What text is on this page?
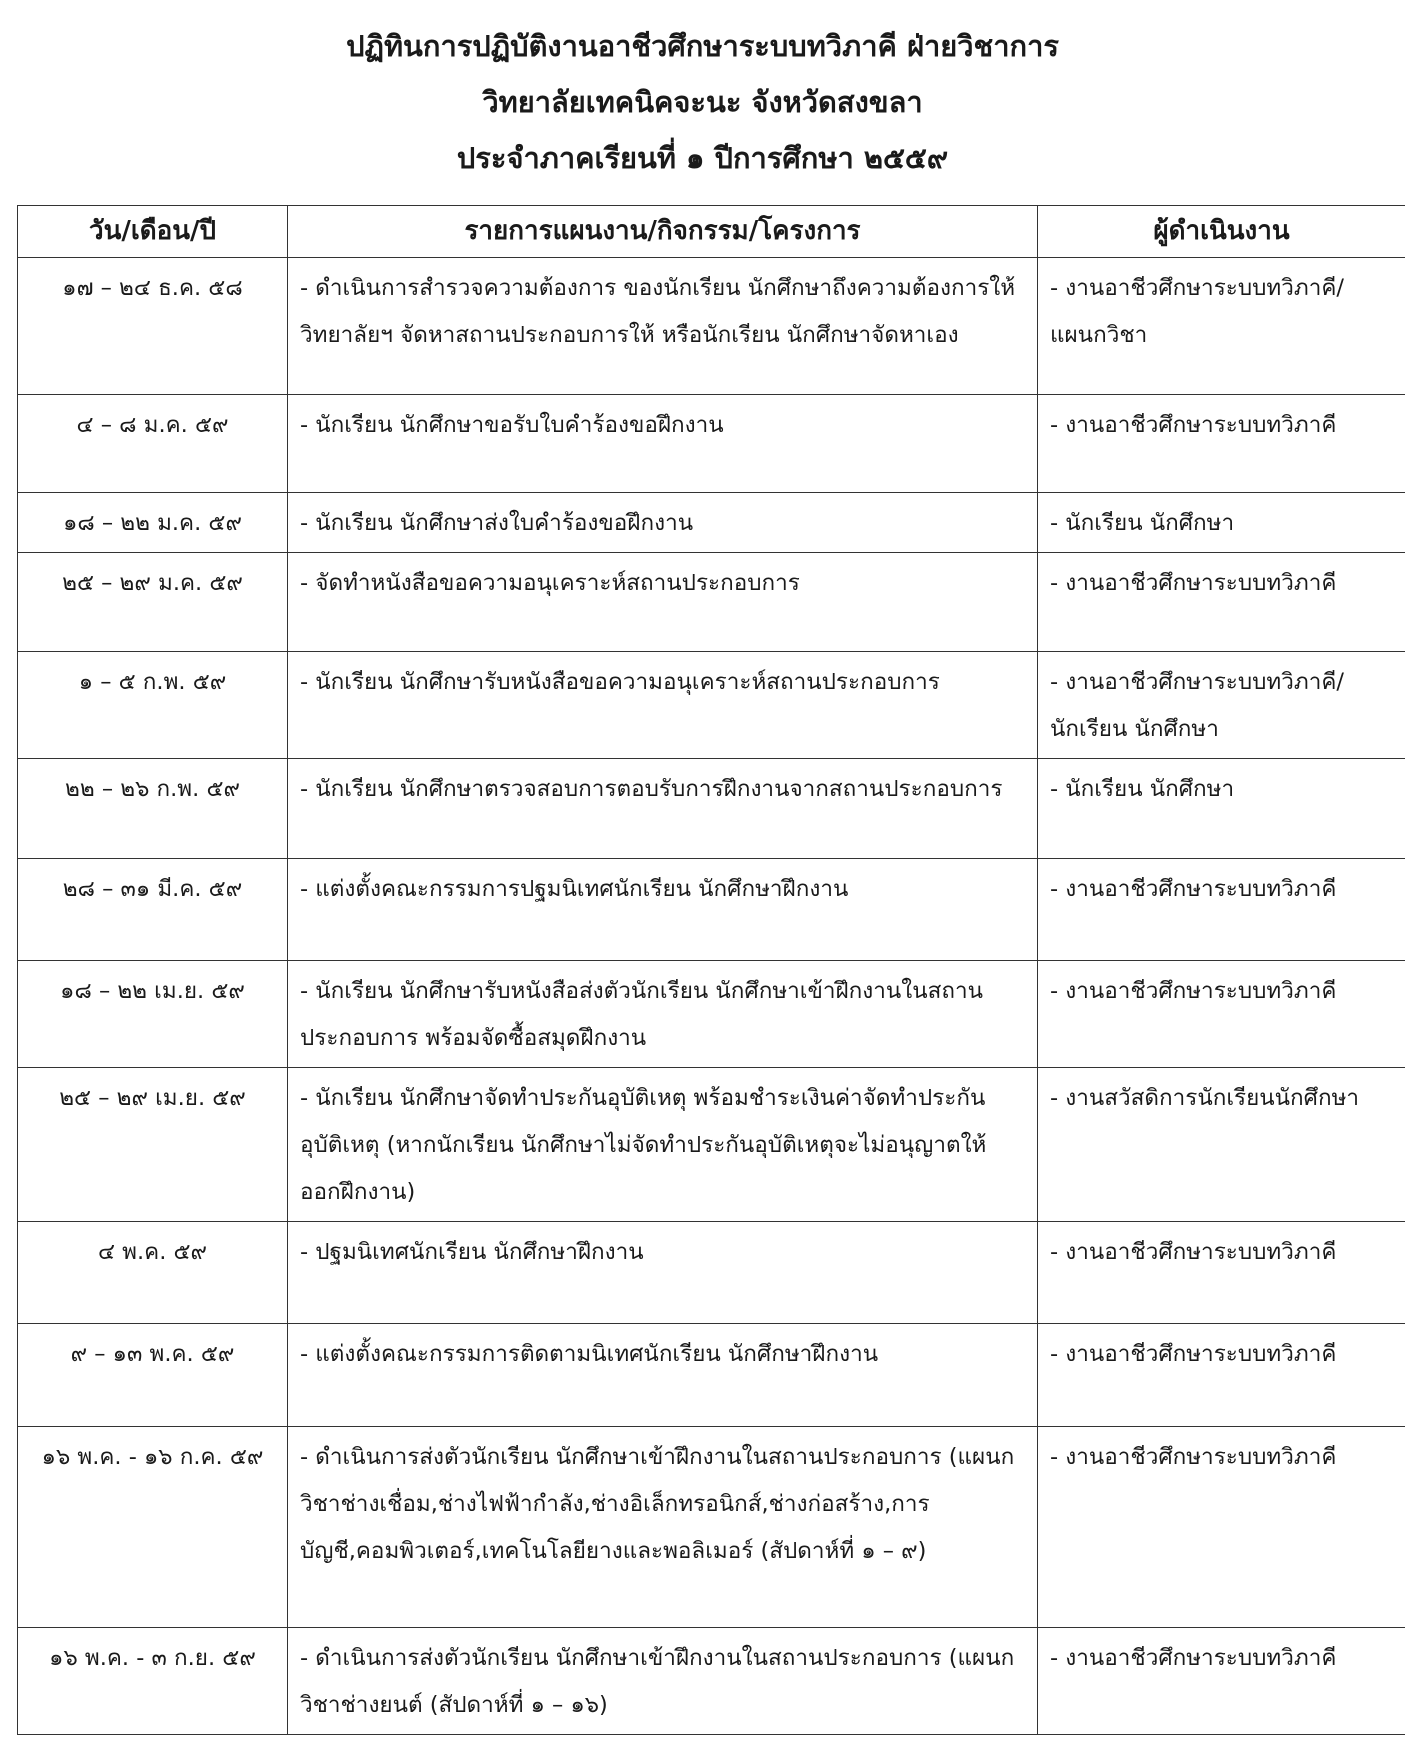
ปฏิทินการปฏิบัติงานอาชีวศึกษาระบบทวิภาคี ฝ่ายวิชาการ
วิทยาลัยเทคนิคจะนะ จังหวัดสงขลา
ประจำภาคเรียนที่ ๑ ปีการศึกษา ๒๕๕๙
วัน/เดือน/ปี	รายการแผนงาน/กิจกรรม/โครงการ	ผู้ดำเนินงาน
๑๗ – ๒๔ ธ.ค. ๕๘	- ดำเนินการสำรวจความต้องการ ของนักเรียน นักศึกษาถึงความต้องการให้วิทยาลัยฯ จัดหาสถานประกอบการให้ หรือนักเรียน นักศึกษาจัดหาเอง	- งานอาชีวศึกษาระบบทวิภาคี/แผนกวิชา
๔ – ๘ ม.ค. ๕๙	- นักเรียน นักศึกษาขอรับใบคำร้องขอฝึกงาน	- งานอาชีวศึกษาระบบทวิภาคี
๑๘ – ๒๒ ม.ค. ๕๙	- นักเรียน นักศึกษาส่งใบคำร้องขอฝึกงาน	- นักเรียน นักศึกษา
๒๕ – ๒๙ ม.ค. ๕๙	- จัดทำหนังสือขอความอนุเคราะห์สถานประกอบการ	- งานอาชีวศึกษาระบบทวิภาคี
๑ – ๕ ก.พ. ๕๙	- นักเรียน นักศึกษารับหนังสือขอความอนุเคราะห์สถานประกอบการ	- งานอาชีวศึกษาระบบทวิภาคี/นักเรียน นักศึกษา
๒๒ – ๒๖ ก.พ. ๕๙	- นักเรียน นักศึกษาตรวจสอบการตอบรับการฝึกงานจากสถานประกอบการ	- นักเรียน นักศึกษา
๒๘ – ๓๑ มี.ค. ๕๙	- แต่งตั้งคณะกรรมการปฐมนิเทศนักเรียน นักศึกษาฝึกงาน	- งานอาชีวศึกษาระบบทวิภาคี
๑๘ – ๒๒ เม.ย. ๕๙	- นักเรียน นักศึกษารับหนังสือส่งตัวนักเรียน นักศึกษาเข้าฝึกงานในสถานประกอบการ พร้อมจัดซื้อสมุดฝึกงาน	- งานอาชีวศึกษาระบบทวิภาคี
๒๕ – ๒๙ เม.ย. ๕๙	- นักเรียน นักศึกษาจัดทำประกันอุบัติเหตุ พร้อมชำระเงินค่าจัดทำประกันอุบัติเหตุ (หากนักเรียน นักศึกษาไม่จัดทำประกันอุบัติเหตุจะไม่อนุญาตให้ออกฝึกงาน)	- งานสวัสดิการนักเรียนนักศึกษา
๔ พ.ค. ๕๙	- ปฐมนิเทศนักเรียน นักศึกษาฝึกงาน	- งานอาชีวศึกษาระบบทวิภาคี
๙ – ๑๓ พ.ค. ๕๙	- แต่งตั้งคณะกรรมการติดตามนิเทศนักเรียน นักศึกษาฝึกงาน	- งานอาชีวศึกษาระบบทวิภาคี
๑๖ พ.ค. - ๑๖ ก.ค. ๕๙	- ดำเนินการส่งตัวนักเรียน นักศึกษาเข้าฝึกงานในสถานประกอบการ (แผนกวิชาช่างเชื่อม,ช่างไฟฟ้ากำลัง,ช่างอิเล็กทรอนิกส์,ช่างก่อสร้าง,การบัญชี,คอมพิวเตอร์,เทคโนโลยียางและพอลิเมอร์ (สัปดาห์ที่ ๑ – ๙)	- งานอาชีวศึกษาระบบทวิภาคี
๑๖ พ.ค. - ๓ ก.ย. ๕๙	- ดำเนินการส่งตัวนักเรียน นักศึกษาเข้าฝึกงานในสถานประกอบการ (แผนกวิชาช่างยนต์ (สัปดาห์ที่ ๑ – ๑๖)	- งานอาชีวศึกษาระบบทวิภาคี
